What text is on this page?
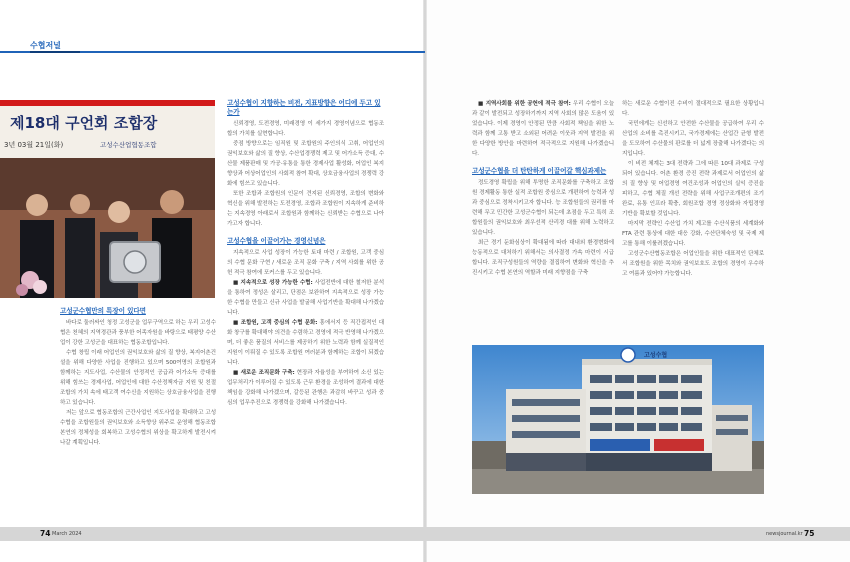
수협저널
제18대 구언회 조합장
3년 03월 21일(화)	고성수산업협동조합
고성군수협만의 특장이 있다면

바다로 둘러싸인 청정 고성군을 업무구역으로 하는 우리 고성수협은 천혜의 지역경관과 풍부한 어족자원을 바탕으로 태평양 수산업이 강한 고성군을 대표하는 협동조합입니다.

수협 창립 이래 어업인의 권익보호와 삶의 질 향상, 복지어촌건설을 위해 다양한 사업을 진행하고 있으며 500여명의 조합원과 함께하는 지도사업, 수산물의 안정적인 공급과 어가소득 증대를 위해 힘쓰는 경제사업, 어업인에 대한 수산정책자금 지원 및 친절 조합의 가치 속에 태고객 여수신을 지원하는 상호금융사업을 진행하고 있습니다.

저는 앞으로 협동조합의 근간사업인 지도사업을 확대하고 고성수협을 조합원들의 권익보호와 소득향상 위주로 운영해 협동조합 본연의 정체성을 회복하고 고성수협의 위상을 확고하게 발전시켜나갈 계획입니다.

고성수협이 지향하는 비전, 지표방향은 어디에 두고 있는가

신뢰경영, 도전경영, 미래경영 이 세가지 경영이념으로 협동조합의 가치를 실현합니다.

중점 방향으로는 임직원 및 조합원의 주인의식 고취, 어업인의 권익보호와 삶의 질 향상, 수산업경쟁력 제고 및 어가소득 증대, 수산물 제품판매 및 가공·유통을 통한 경제사업 활성화, 어업인 복지향상과 어상어업인의 사회적 참여 확대, 상호금융사업의 경쟁력 강화에 힘쓰고 있습니다.

또한 조합과 조합원의 인문이 견지된 신뢰경영, 조합의 변화와 혁신을 위해 발전하는 도전경영, 조합과 조합원이 지속하게 준비하는 지속경영 아래로서 조합원과 함께하는 신뢰받는 수협으로 나아가고자 합니다.

고성수협을 이끌어가는 경영신념은

지속적으로 사업 성장이 가능한 토대 마련 / 조합원, 고객 중심의 수협 문화 구현 / 새로운 조직 문화 구축 / 지역 사회를 위한 공헌 적극 참여에 포커스를 두고 있습니다.

■ 지속적으로 성장 가능한 수협: 사업전반에 대한 철저한 분석을 통하여 정성은 살리고, 단점은 보완하여 지속적으로 성장 가능한 수협을 만들고 신규 사업을 발굴해 사업기반을 확대해 나가겠습니다.

■ 조합원, 고객 중심의 수협 문화: 흥에서지 등 직간접적인 대화 창구를 확대해야 의견을 수렴하고 경영에 적극 반영해 나가겠으며, 더 좋은 품질의 서비스를 제공하기 위한 노력과 함께 실질적인 지원이 이뤄질 수 있도록 조합원 여러분과 함께하는 조합이 되겠습니다.

■ 새로운 조직문화 구축: 현장과 자율성을 부여하여 소신 있는 업무처리가 이루어질 수 있도록 근무 환경을 조성하여 결과에 대한 책임을 강화해 나가겠으며, 갈등된 관행은 과감히 바꾸고 성과 중심의 업무추진으로 경쟁력을 강화해 나가겠습니다.

■ 지역사회를 위한 공헌에 적극 참여: 우리 수협이 오늘과 같이 발전되고 성장하기까지 지역 사회의 많은 도움이 있었습니다. 이제 경영이 안정된 만큼 사회적 책임을 위한 노력과 함께 고통 받고 소외된 어려운 이웃과 지역 발전을 위한 다양한 방안을 마련하여 적극적으로 지원해 나가겠습니다.

고성군수협을 더 탄탄하게 이끌어갈 핵심과제는

정도경영 확립을 위해 투명한 조직문화를 구축하고 조합원 경제활동 통한 실적 조합원 중심으로 개편하여 능력과 성과 중심으로 정착시키고자 합니다. 능 조합원들의 권리를 마련해 무고 민간한 고성군수협이 되는데 초점을 두고 특히 조합원들의 권익보호와 최우선적 산리경 대를 위해 노력하고 있습니다.

최근 경기 둔화심상이 확대됨에 따라 대내외 환경변화에 능동적으로 대처하기 위해서는 의사결정 가속 마련이 시급합니다. 조직구성원들의 역량을 결집하여 변화와 혁신을 추진시키고 수협 본연의 역할과 미래 지향점을 구축

하는 새로운 수협이진 수비이 절대적으로 필요한 상황입니다.

국민에게는 신선하고 안전한 수산물을 공급하여 우리 수산업의 소비를 촉진시키고, 국가경제에는 산업간 균형 발전을 도모하여 수산물의 판로를 더 넓게 장출해 나가겠다는 의지입니다.

이 비전 체계는 3대 전략과 그에 따른 10대 과제로 구성되어 있습니다. 어촌 환경 증진 전략 과제로서 어업인의 삶의 질 향상 및 어업경영 여건조성과 어업인의 실익 증진을 피하고, 수협 체질 개선 전략을 위해 사업구조개편의 조기 완료, 유통 인프라 확충, 회원조합 경영 정상화와 자립경영기반을 확보할 것입니다.

마지막 전략인 수산업 가치 제고를 수산식품의 세계화와 FTA 관련 통상에 대한 대응 강화, 수산단체숙성 및 국제 제고를 통해 이룰려겠습니다.

고성군수산협동조합은 어업인들을 위한 대표적인 단체로서 조합원을 위한 목치와 권익보호도 조합의 경영이 우수하고 여름과 있어야 가능합니다.

고성수협
74 March 2024	newsjournal.kr 75
